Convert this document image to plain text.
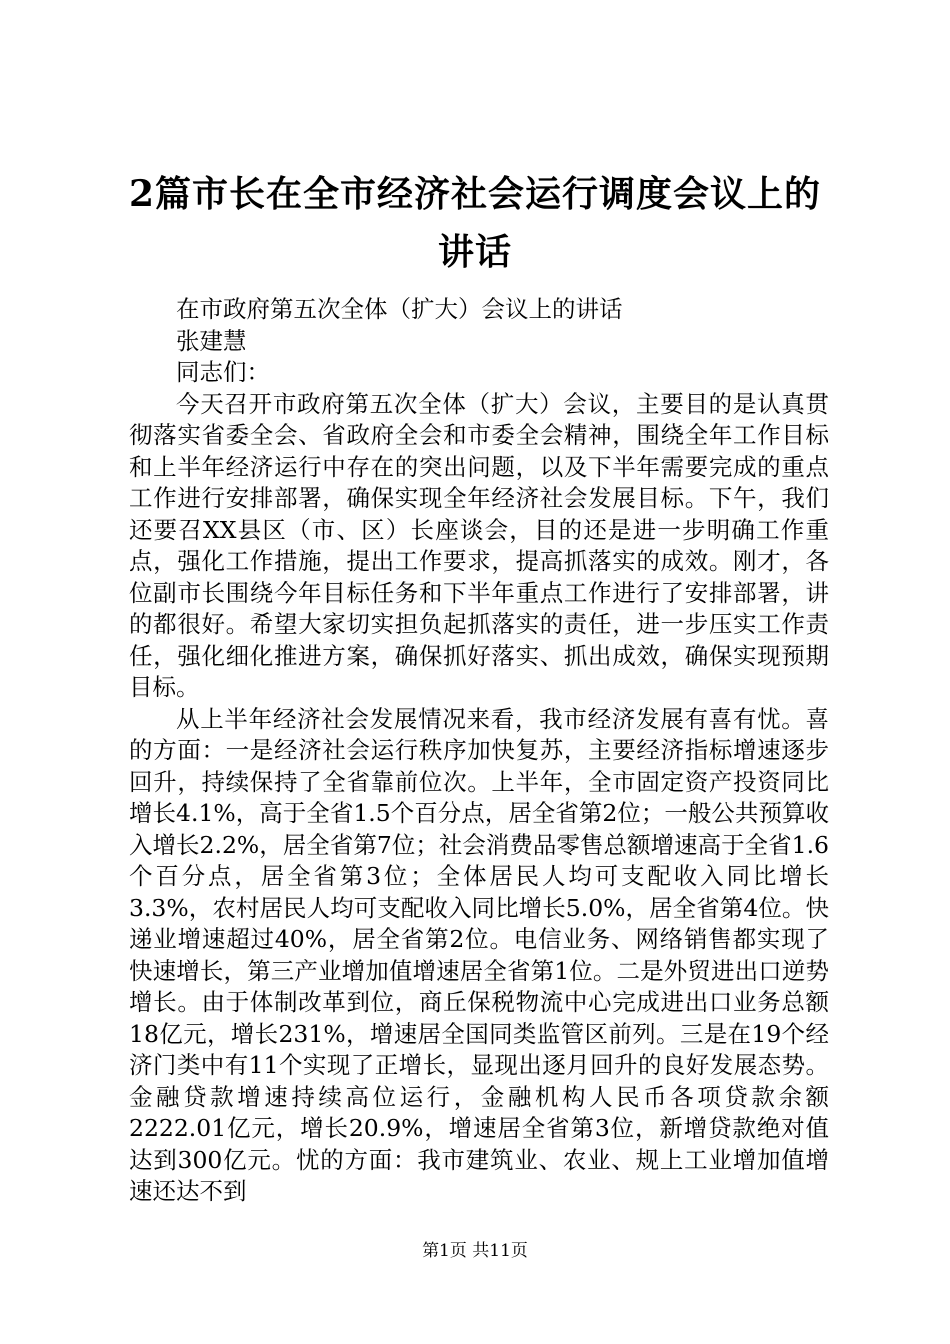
2篇市长在全市经济社会运行调度会议上的讲话

在市政府第五次全体（扩大）会议上的讲话

张建慧

同志们：

今天召开市政府第五次全体（扩大）会议，主要目的是认真贯彻落实省委全会、省政府全会和市委全会精神，围绕全年工作目标和上半年经济运行中存在的突出问题，以及下半年需要完成的重点工作进行安排部署，确保实现全年经济社会发展目标。下午，我们还要召XX县区（市、区）长座谈会，目的还是进一步明确工作重点，强化工作措施，提出工作要求，提高抓落实的成效。刚才，各位副市长围绕今年目标任务和下半年重点工作进行了安排部署，讲的都很好。希望大家切实担负起抓落实的责任，进一步压实工作责任，强化细化推进方案，确保抓好落实、抓出成效，确保实现预期目标。

从上半年经济社会发展情况来看，我市经济发展有喜有忧。喜的方面：一是经济社会运行秩序加快复苏，主要经济指标增速逐步回升，持续保持了全省靠前位次。上半年，全市固定资产投资同比增长4.1%，高于全省1.5个百分点，居全省第2位；一般公共预算收入增长2.2%，居全省第7位；社会消费品零售总额增速高于全省1.6个百分点，居全省第3位；全体居民人均可支配收入同比增长3.3%，农村居民人均可支配收入同比增长5.0%，居全省第4位。快递业增速超过40%，居全省第2位。电信业务、网络销售都实现了快速增长，第三产业增加值增速居全省第1位。二是外贸进出口逆势增长。由于体制改革到位，商丘保税物流中心完成进出口业务总额18亿元，增长231%，增速居全国同类监管区前列。三是在19个经济门类中有11个实现了正增长，显现出逐月回升的良好发展态势。金融贷款增速持续高位运行，金融机构人民币各项贷款余额2222.01亿元，增长20.9%，增速居全省第3位，新增贷款绝对值达到300亿元。忧的方面：我市建筑业、农业、规上工业增加值增速还达不到

第1页 共11页
